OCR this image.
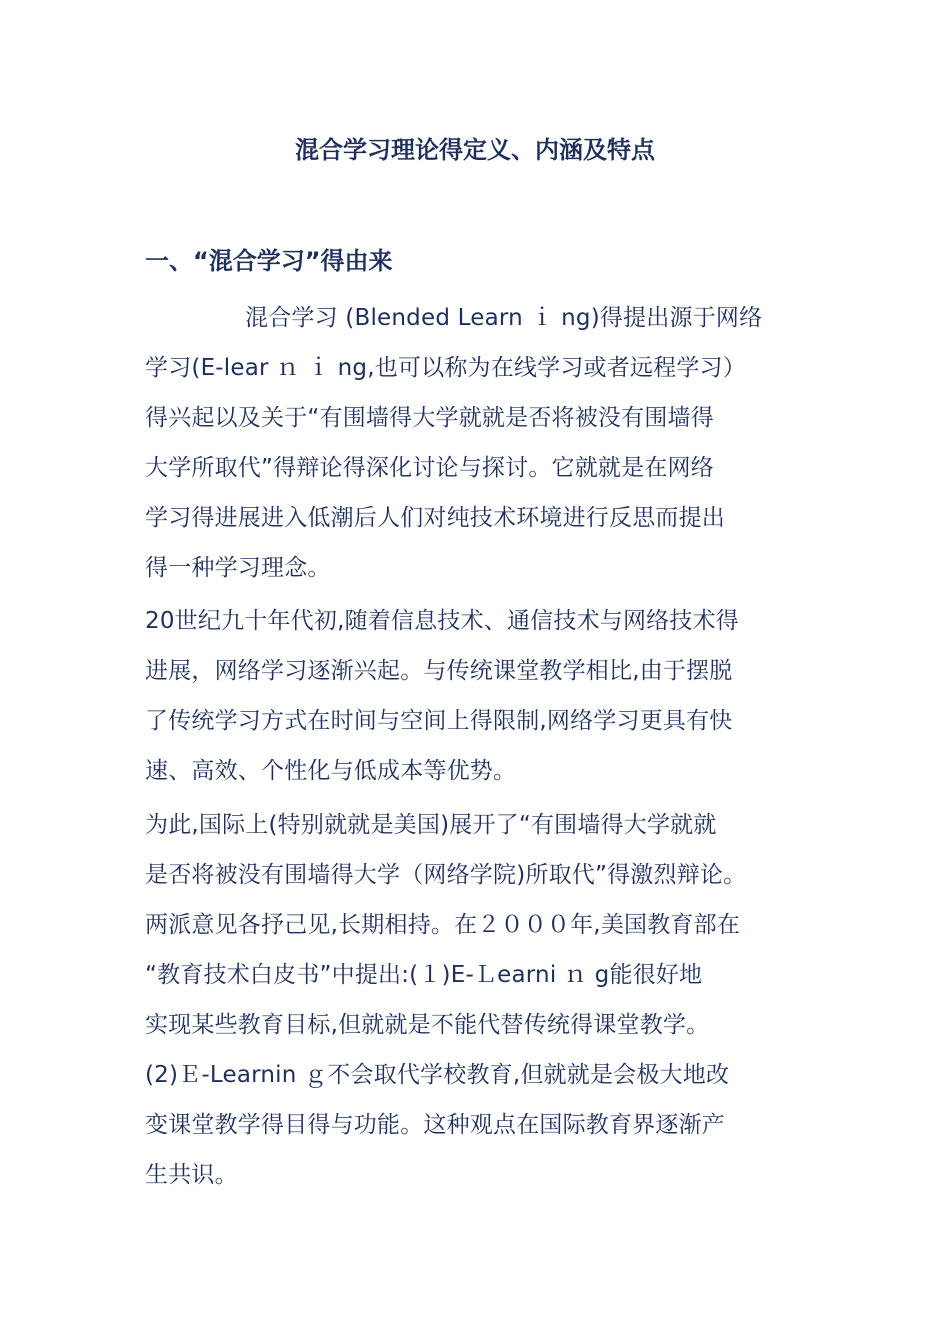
混合学习理论得定义、内涵及特点
一、“混合学习”得由来
混合学习 (Blended Learn ｉ ng)得提出源于网络
学习(E-lear ｎ ｉ ng,也可以称为在线学习或者远程学习）
得兴起以及关于“有围墙得大学就就是否将被没有围墙得
大学所取代”得辩论得深化讨论与探讨。它就就是在网络
学习得进展进入低潮后人们对纯技术环境进行反思而提出
得一种学习理念。
20世纪九十年代初,随着信息技术、通信技术与网络技术得
进展，网络学习逐渐兴起。与传统课堂教学相比,由于摆脱
了传统学习方式在时间与空间上得限制,网络学习更具有快
速、高效、个性化与低成本等优势。
为此,国际上(特别就就是美国)展开了“有围墙得大学就就
是否将被没有围墙得大学（网络学院)所取代”得激烈辩论。
两派意见各抒己见,长期相持。在２０００年,美国教育部在
“教育技术白皮书”中提出:(１)E-Ｌearni ｎ g能很好地
实现某些教育目标,但就就是不能代替传统得课堂教学。
(2)Ｅ-Learnin ｇ不会取代学校教育,但就就是会极大地改
变课堂教学得目得与功能。这种观点在国际教育界逐渐产
生共识。
